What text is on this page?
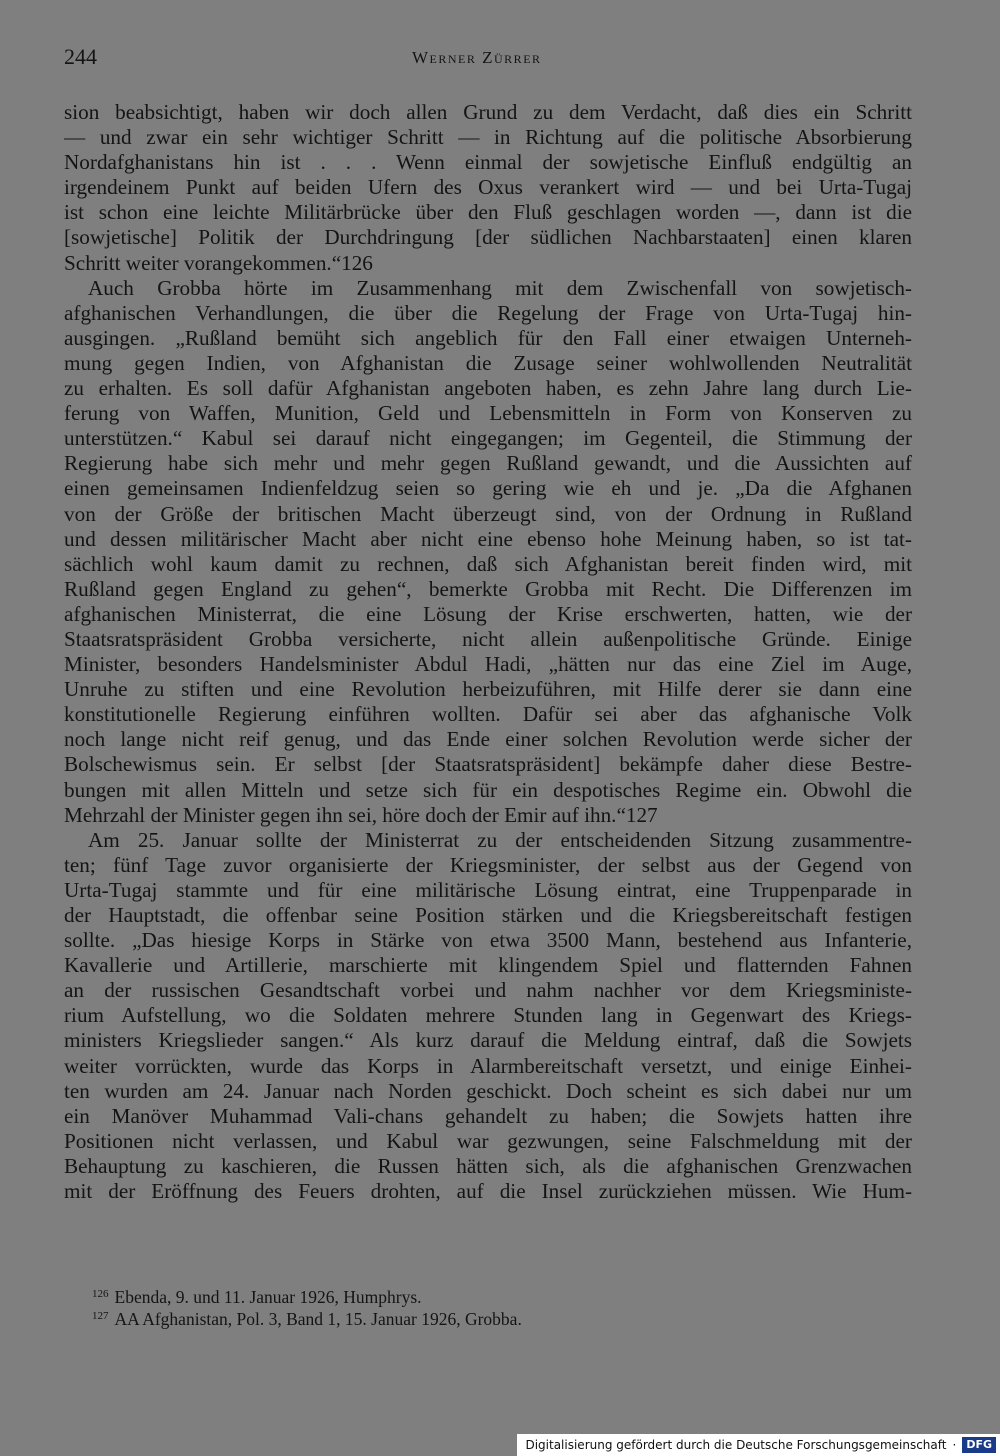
244	Werner Zürrer
sion beabsichtigt, haben wir doch allen Grund zu dem Verdacht, daß dies ein Schritt
— und zwar ein sehr wichtiger Schritt — in Richtung auf die politische Absorbierung
Nordafghanistans hin ist . . . Wenn einmal der sowjetische Einfluß endgültig an
irgendeinem Punkt auf beiden Ufern des Oxus verankert wird — und bei Urta-Tugaj
ist schon eine leichte Militärbrücke über den Fluß geschlagen worden —, dann ist die
[sowjetische] Politik der Durchdringung [der südlichen Nachbarstaaten] einen klaren
Schritt weiter vorangekommen.“126
Auch Grobba hörte im Zusammenhang mit dem Zwischenfall von sowjetisch-
afghanischen Verhandlungen, die über die Regelung der Frage von Urta-Tugaj hin-
ausgingen. „Rußland bemüht sich angeblich für den Fall einer etwaigen Unterneh-
mung gegen Indien, von Afghanistan die Zusage seiner wohlwollenden Neutralität
zu erhalten. Es soll dafür Afghanistan angeboten haben, es zehn Jahre lang durch Lie-
ferung von Waffen, Munition, Geld und Lebensmitteln in Form von Konserven zu
unterstützen.“ Kabul sei darauf nicht eingegangen; im Gegenteil, die Stimmung der
Regierung habe sich mehr und mehr gegen Rußland gewandt, und die Aussichten auf
einen gemeinsamen Indienfeldzug seien so gering wie eh und je. „Da die Afghanen
von der Größe der britischen Macht überzeugt sind, von der Ordnung in Rußland
und dessen militärischer Macht aber nicht eine ebenso hohe Meinung haben, so ist tat-
sächlich wohl kaum damit zu rechnen, daß sich Afghanistan bereit finden wird, mit
Rußland gegen England zu gehen“, bemerkte Grobba mit Recht. Die Differenzen im
afghanischen Ministerrat, die eine Lösung der Krise erschwerten, hatten, wie der
Staatsratspräsident Grobba versicherte, nicht allein außenpolitische Gründe. Einige
Minister, besonders Handelsminister Abdul Hadi, „hätten nur das eine Ziel im Auge,
Unruhe zu stiften und eine Revolution herbeizuführen, mit Hilfe derer sie dann eine
konstitutionelle Regierung einführen wollten. Dafür sei aber das afghanische Volk
noch lange nicht reif genug, und das Ende einer solchen Revolution werde sicher der
Bolschewismus sein. Er selbst [der Staatsratspräsident] bekämpfe daher diese Bestre-
bungen mit allen Mitteln und setze sich für ein despotisches Regime ein. Obwohl die
Mehrzahl der Minister gegen ihn sei, höre doch der Emir auf ihn.“127
Am 25. Januar sollte der Ministerrat zu der entscheidenden Sitzung zusammentre-
ten; fünf Tage zuvor organisierte der Kriegsminister, der selbst aus der Gegend von
Urta-Tugaj stammte und für eine militärische Lösung eintrat, eine Truppenparade in
der Hauptstadt, die offenbar seine Position stärken und die Kriegsbereitschaft festigen
sollte. „Das hiesige Korps in Stärke von etwa 3500 Mann, bestehend aus Infanterie,
Kavallerie und Artillerie, marschierte mit klingendem Spiel und flatternden Fahnen
an der russischen Gesandtschaft vorbei und nahm nachher vor dem Kriegsministe-
rium Aufstellung, wo die Soldaten mehrere Stunden lang in Gegenwart des Kriegs-
ministers Kriegslieder sangen.“ Als kurz darauf die Meldung eintraf, daß die Sowjets
weiter vorrückten, wurde das Korps in Alarmbereitschaft versetzt, und einige Einhei-
ten wurden am 24. Januar nach Norden geschickt. Doch scheint es sich dabei nur um
ein Manöver Muhammad Vali-chans gehandelt zu haben; die Sowjets hatten ihre
Positionen nicht verlassen, und Kabul war gezwungen, seine Falschmeldung mit der
Behauptung zu kaschieren, die Russen hätten sich, als die afghanischen Grenzwachen
mit der Eröffnung des Feuers drohten, auf die Insel zurückziehen müssen. Wie Hum-
$^{126}$ Ebenda, 9. und 11. Januar 1926, Humphrys.
$^{127}$ AA Afghanistan, Pol. 3, Band 1, 15. Januar 1926, Grobba.
Digitalisierung gefördert durch die Deutsche Forschungsgemeinschaft · DFG
